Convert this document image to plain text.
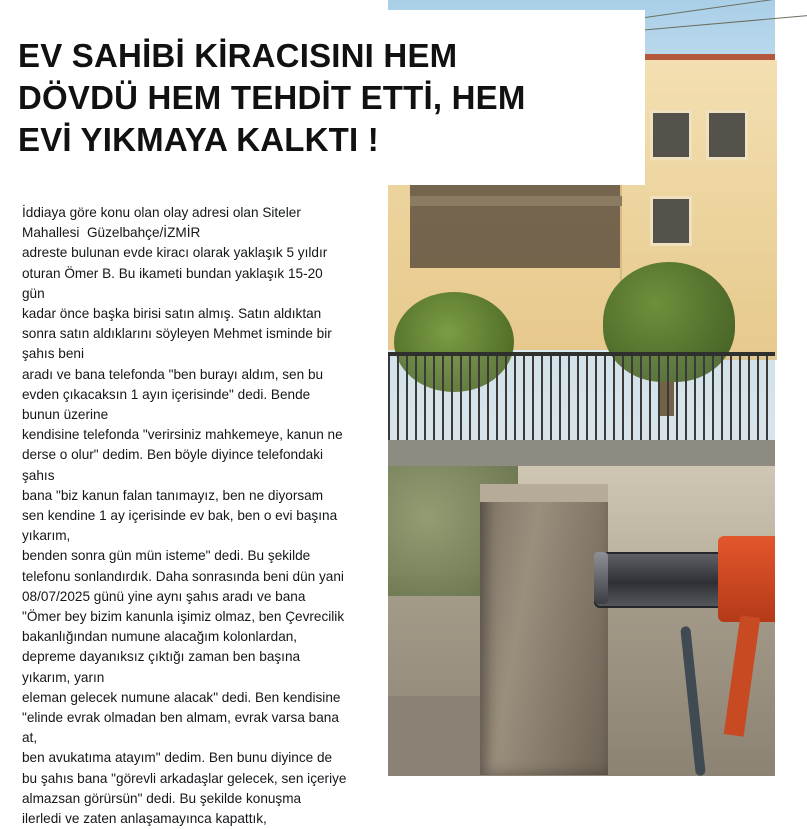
EV SAHİBİ KİRACISINI HEM
DÖVDÜ HEM TEHDİT ETTİ, HEM
EVİ YIKMAYA KALKTI !
İddiaya göre konu olan olay adresi olan Siteler
Mahallesi  Güzelbahçe/İZMİR
adreste bulunan evde kiracı olarak yaklaşık 5 yıldır
oturan Ömer B. Bu ikameti bundan yaklaşık 15-20
gün
kadar önce başka birisi satın almış. Satın aldıktan
sonra satın aldıklarını söyleyen Mehmet isminde bir
şahıs beni
aradı ve bana telefonda "ben burayı aldım, sen bu
evden çıkacaksın 1 ayın içerisinde" dedi. Bende
bunun üzerine
kendisine telefonda "verirsiniz mahkemeye, kanun ne
derse o olur" dedim. Ben böyle diyince telefondaki
şahıs
bana "biz kanun falan tanımayız, ben ne diyorsam
sen kendine 1 ay içerisinde ev bak, ben o evi başına
yıkarım,
benden sonra gün mün isteme" dedi. Bu şekilde
telefonu sonlandırdık. Daha sonrasında beni dün yani
08/07/2025 günü yine aynı şahıs aradı ve bana
"Ömer bey bizim kanunla işimiz olmaz, ben Çevrecilik
bakanlığından numune alacağım kolonlardan,
depreme dayanıksız çıktığı zaman ben başına
yıkarım, yarın
eleman gelecek numune alacak" dedi. Ben kendisine
"elinde evrak olmadan ben almam, evrak varsa bana
at,
ben avukatıma atayım" dedim. Ben bunu diyince de
bu şahıs bana "görevli arkadaşlar gelecek, sen içeriye
almazsan görürsün" dedi. Bu şekilde konuşma
ilerledi ve zaten anlaşamayınca kapattık,
